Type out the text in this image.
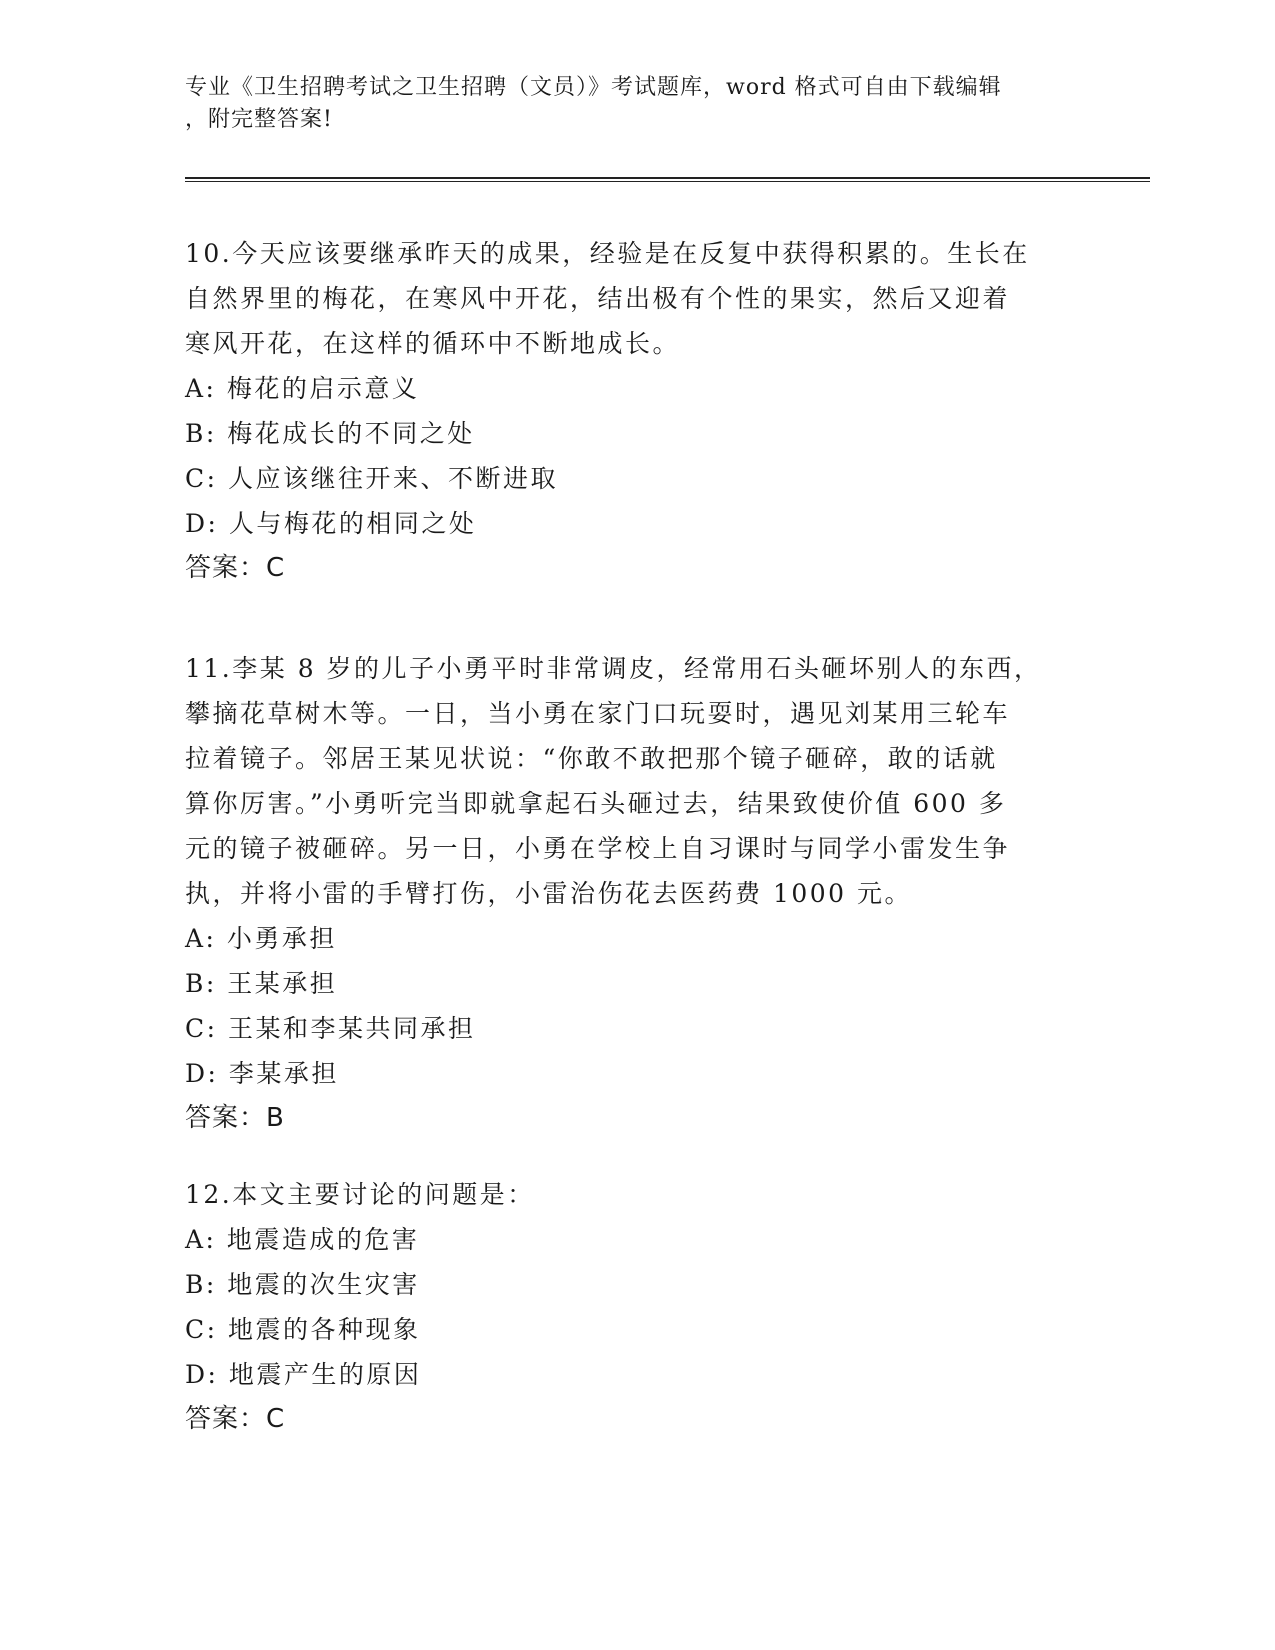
专业《卫生招聘考试之卫生招聘（文员）》考试题库，word 格式可自由下载编辑
，附完整答案!
10.今天应该要继承昨天的成果，经验是在反复中获得积累的。生长在
自然界里的梅花，在寒风中开花，结出极有个性的果实，然后又迎着
寒风开花，在这样的循环中不断地成长。
A: 梅花的启示意义
B: 梅花成长的不同之处
C: 人应该继往开来、不断进取
D: 人与梅花的相同之处
答案：C
11.李某 8 岁的儿子小勇平时非常调皮，经常用石头砸坏别人的东西，
攀摘花草树木等。一日，当小勇在家门口玩耍时，遇见刘某用三轮车
拉着镜子。邻居王某见状说：“你敢不敢把那个镜子砸碎，敢的话就
算你厉害。”小勇听完当即就拿起石头砸过去，结果致使价值 600 多
元的镜子被砸碎。另一日，小勇在学校上自习课时与同学小雷发生争
执，并将小雷的手臂打伤，小雷治伤花去医药费 1000 元。
A: 小勇承担
B: 王某承担
C: 王某和李某共同承担
D: 李某承担
答案：B
12.本文主要讨论的问题是：
A: 地震造成的危害
B: 地震的次生灾害
C: 地震的各种现象
D: 地震产生的原因
答案：C
